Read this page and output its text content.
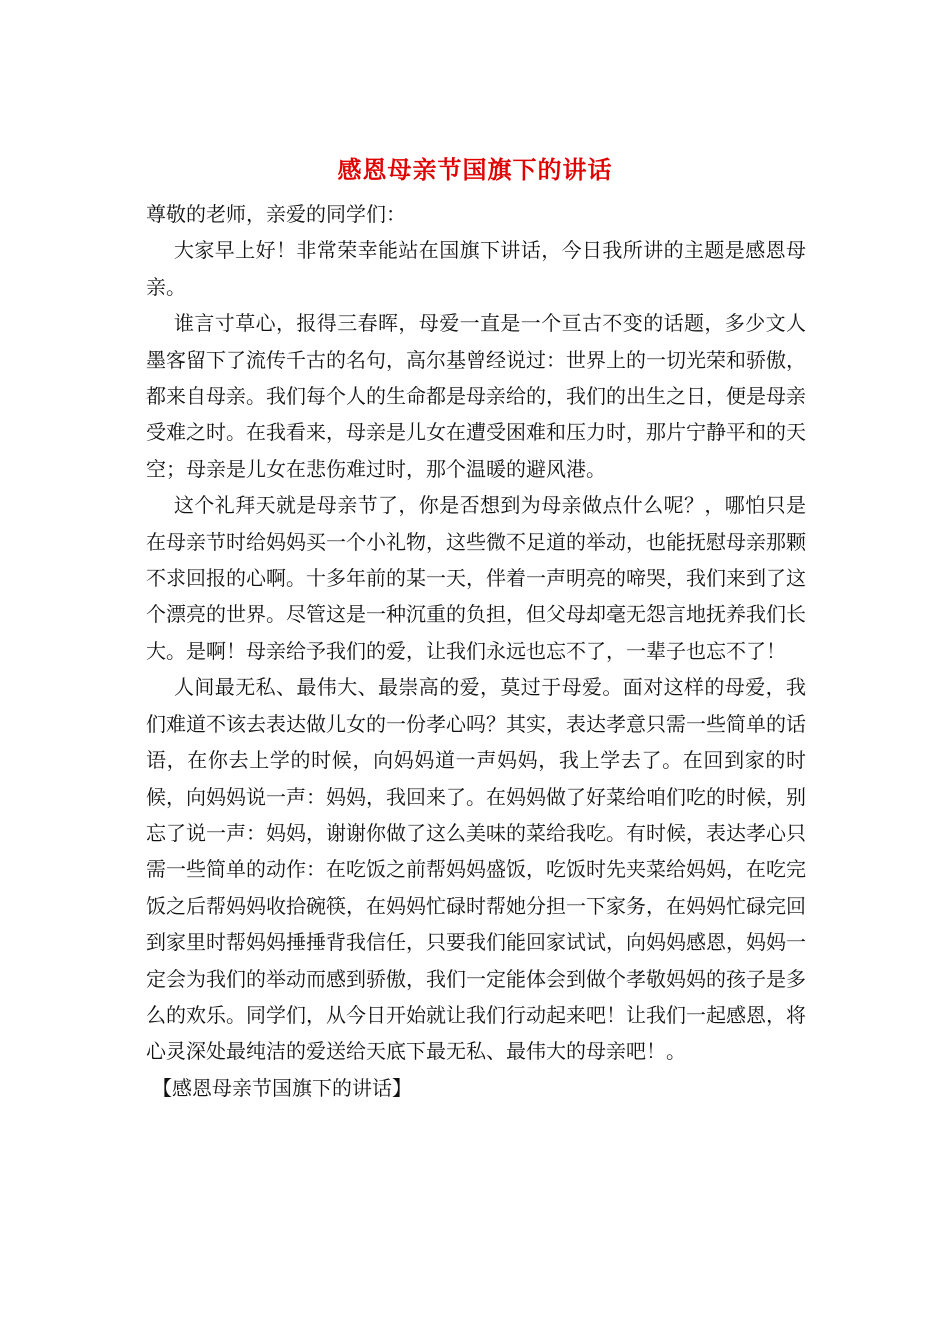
感恩母亲节国旗下的讲话

尊敬的老师，亲爱的同学们：

大家早上好！非常荣幸能站在国旗下讲话，今日我所讲的主题是感恩母亲。

谁言寸草心，报得三春晖，母爱一直是一个亘古不变的话题，多少文人墨客留下了流传千古的名句，高尔基曾经说过：世界上的一切光荣和骄傲，都来自母亲。我们每个人的生命都是母亲给的，我们的出生之日，便是母亲受难之时。在我看来，母亲是儿女在遭受困难和压力时，那片宁静平和的天空；母亲是儿女在悲伤难过时，那个温暖的避风港。

这个礼拜天就是母亲节了，你是否想到为母亲做点什么呢？，哪怕只是在母亲节时给妈妈买一个小礼物，这些微不足道的举动，也能抚慰母亲那颗不求回报的心啊。十多年前的某一天，伴着一声明亮的啼哭，我们来到了这个漂亮的世界。尽管这是一种沉重的负担，但父母却毫无怨言地抚养我们长大。是啊！母亲给予我们的爱，让我们永远也忘不了，一辈子也忘不了！

人间最无私、最伟大、最崇高的爱，莫过于母爱。面对这样的母爱，我们难道不该去表达做儿女的一份孝心吗？其实，表达孝意只需一些简单的话语，在你去上学的时候，向妈妈道一声妈妈，我上学去了。在回到家的时候，向妈妈说一声：妈妈，我回来了。在妈妈做了好菜给咱们吃的时候，别忘了说一声：妈妈，谢谢你做了这么美味的菜给我吃。有时候，表达孝心只需一些简单的动作：在吃饭之前帮妈妈盛饭，吃饭时先夹菜给妈妈，在吃完饭之后帮妈妈收拾碗筷，在妈妈忙碌时帮她分担一下家务，在妈妈忙碌完回到家里时帮妈妈捶捶背我信任，只要我们能回家试试，向妈妈感恩，妈妈一定会为我们的举动而感到骄傲，我们一定能体会到做个孝敬妈妈的孩子是多么的欢乐。同学们，从今日开始就让我们行动起来吧！让我们一起感恩，将心灵深处最纯洁的爱送给天底下最无私、最伟大的母亲吧！。

【感恩母亲节国旗下的讲话】
